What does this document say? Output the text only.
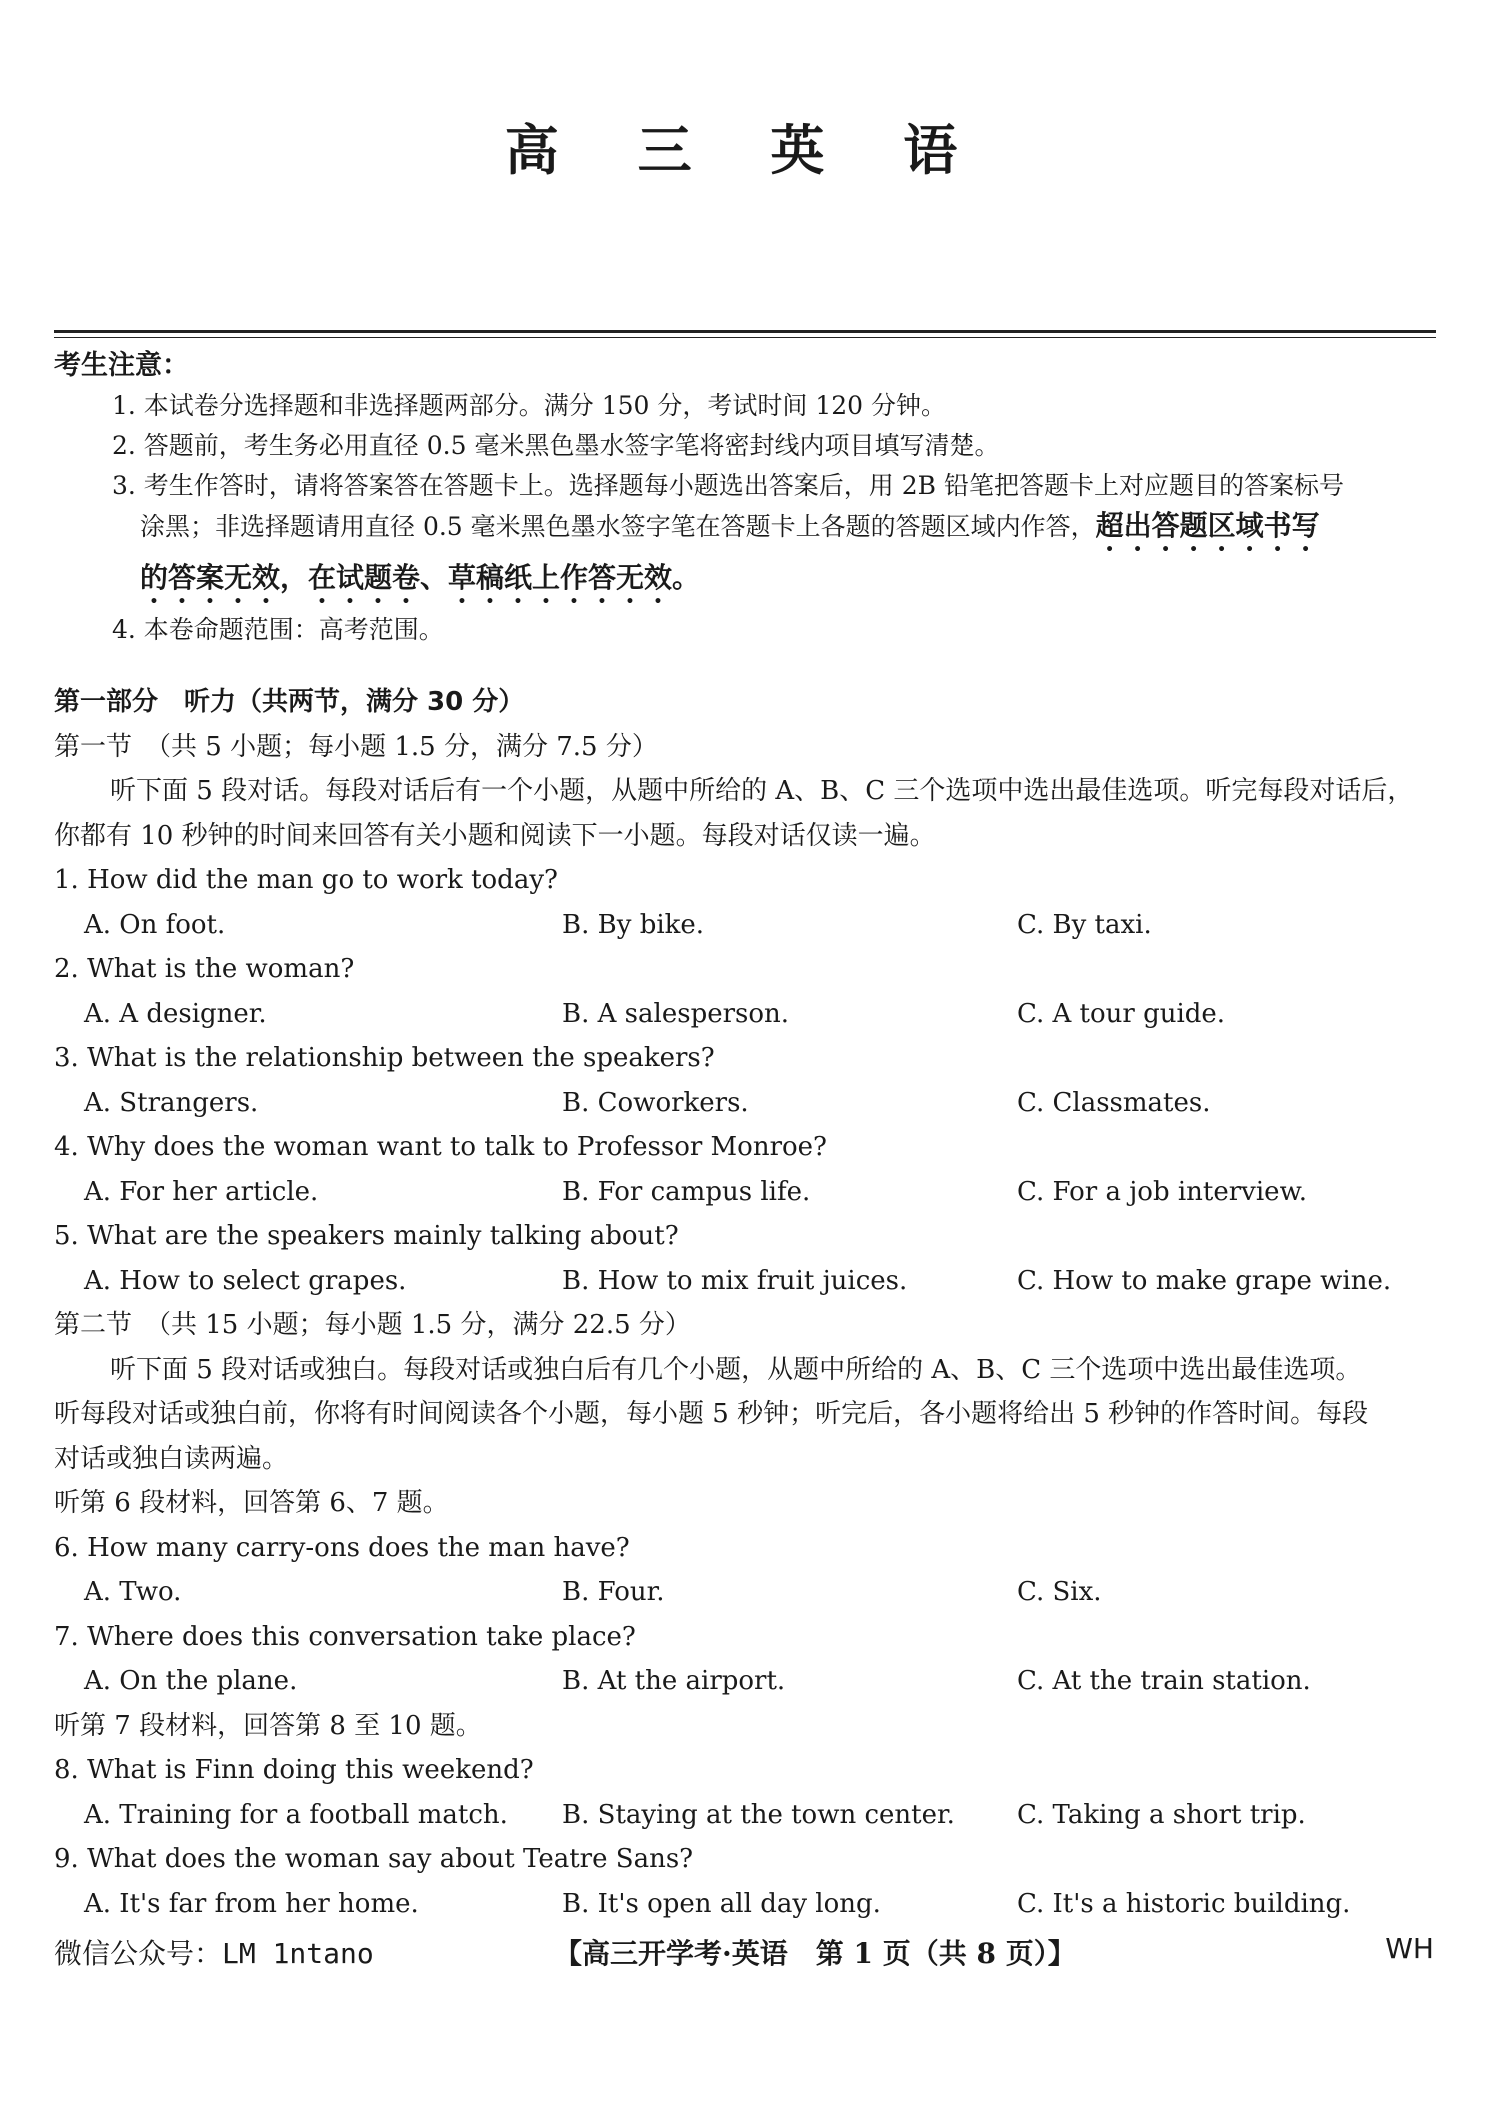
高 三 英 语
考生注意：
1. 本试卷分选择题和非选择题两部分。满分 150 分，考试时间 120 分钟。
2. 答题前，考生务必用直径 0.5 毫米黑色墨水签字笔将密封线内项目填写清楚。
3. 考生作答时，请将答案答在答题卡上。选择题每小题选出答案后，用 2B 铅笔把答题卡上对应题目的答案标号
涂黑；非选择题请用直径 0.5 毫米黑色墨水签字笔在答题卡上各题的答题区域内作答，超出答题区域书写
的答案无效，在试题卷、草稿纸上作答无效。
4. 本卷命题范围：高考范围。
第一部分　听力（共两节，满分 30 分）
第一节　（共 5 小题；每小题 1.5 分，满分 7.5 分）
听下面 5 段对话。每段对话后有一个小题，从题中所给的 A、B、C 三个选项中选出最佳选项。听完每段对话后，
你都有 10 秒钟的时间来回答有关小题和阅读下一小题。每段对话仅读一遍。
1. How did the man go to work today?
A. On foot.	B. By bike.	C. By taxi.
2. What is the woman?
A. A designer.	B. A salesperson.	C. A tour guide.
3. What is the relationship between the speakers?
A. Strangers.	B. Coworkers.	C. Classmates.
4. Why does the woman want to talk to Professor Monroe?
A. For her article.	B. For campus life.	C. For a job interview.
5. What are the speakers mainly talking about?
A. How to select grapes.	B. How to mix fruit juices.	C. How to make grape wine.
第二节　（共 15 小题；每小题 1.5 分，满分 22.5 分）
听下面 5 段对话或独白。每段对话或独白后有几个小题，从题中所给的 A、B、C 三个选项中选出最佳选项。
听每段对话或独白前，你将有时间阅读各个小题，每小题 5 秒钟；听完后，各小题将给出 5 秒钟的作答时间。每段
对话或独白读两遍。
听第 6 段材料，回答第 6、7 题。
6. How many carry-ons does the man have?
A. Two.	B. Four.	C. Six.
7. Where does this conversation take place?
A. On the plane.	B. At the airport.	C. At the train station.
听第 7 段材料，回答第 8 至 10 题。
8. What is Finn doing this weekend?
A. Training for a football match.	B. Staying at the town center.	C. Taking a short trip.
9. What does the woman say about Teatre Sans?
A. It's far from her home.	B. It's open all day long.	C. It's a historic building.
微信公众号：LM 1ntano	【高三开学考·英语　第 1 页（共 8 页）】	WH
